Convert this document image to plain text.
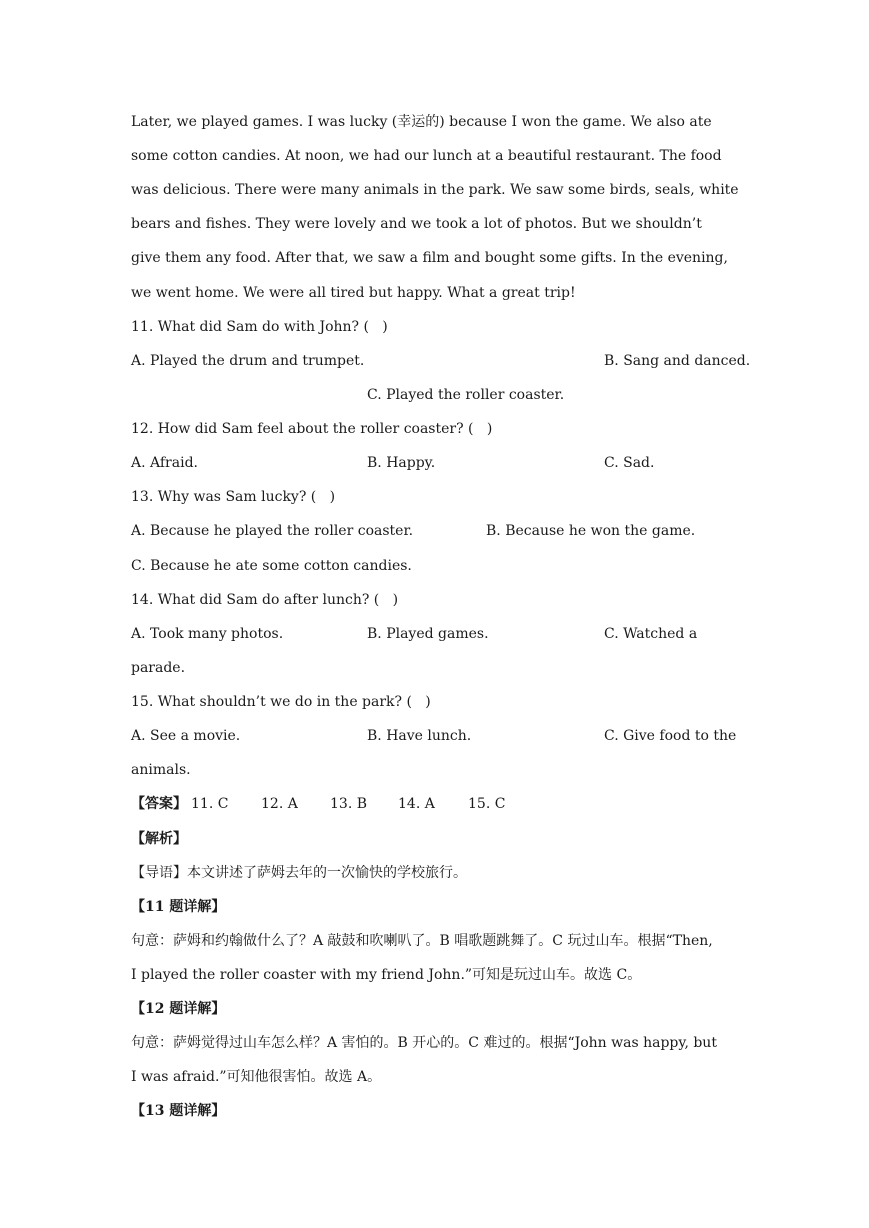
Later, we played games. I was lucky (幸运的) because I won the game. We also ate
some cotton candies. At noon, we had our lunch at a beautiful restaurant. The food
was delicious. There were many animals in the park. We saw some birds, seals, white
bears and fishes. They were lovely and we took a lot of photos. But we shouldn’t
give them any food. After that, we saw a film and bought some gifts. In the evening,
we went home. We were all tired but happy. What a great trip!
11. What did Sam do with John? (   )
A. Played the drum and trumpet.	B. Sang and danced.
C. Played the roller coaster.
12. How did Sam feel about the roller coaster? (   )
A. Afraid.	B. Happy.	C. Sad.
13. Why was Sam lucky? (   )
A. Because he played the roller coaster.	B. Because he won the game.
C. Because he ate some cotton candies.
14. What did Sam do after lunch? (   )
A. Took many photos.	B. Played games.	C. Watched a
parade.
15. What shouldn’t we do in the park? (   )
A. See a movie.	B. Have lunch.	C. Give food to the
animals.
【答案】 11. C 12. A 13. B 14. A 15. C
【解析】
【导语】本文讲述了萨姆去年的一次愉快的学校旅行。
【11 题详解】
句意：萨姆和约翰做什么了？A 敲鼓和吹喇叭了。B 唱歌题跳舞了。C 玩过山车。根据“Then,
I played the roller coaster with my friend John.”可知是玩过山车。故选 C。
【12 题详解】
句意：萨姆觉得过山车怎么样？A 害怕的。B 开心的。C 难过的。根据“John was happy, but
I was afraid.”可知他很害怕。故选 A。
【13 题详解】
